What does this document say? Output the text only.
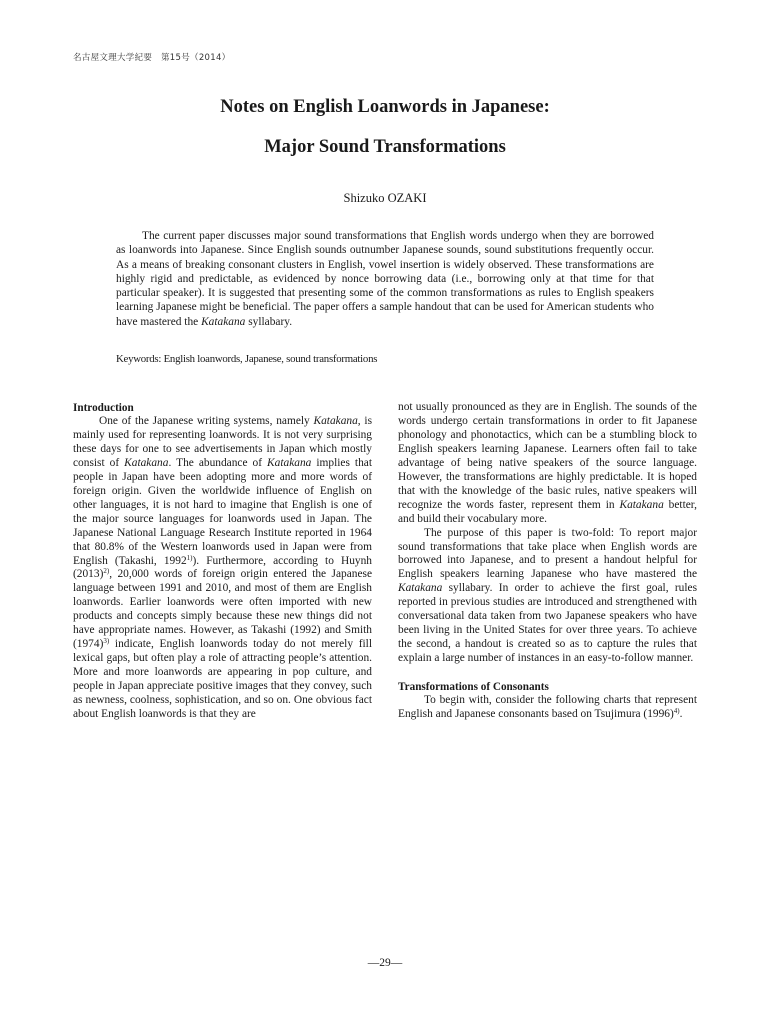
名古屋文理大学紀要　第15号（2014）
Notes on English Loanwords in Japanese:
Major Sound Transformations
Shizuko OZAKI
The current paper discusses major sound transformations that English words undergo when they are borrowed as loanwords into Japanese. Since English sounds outnumber Japanese sounds, sound substitutions frequently occur. As a means of breaking consonant clusters in English, vowel insertion is widely observed. These transformations are highly rigid and predictable, as evidenced by nonce borrowing data (i.e., borrowing only at that time for that particular speaker). It is suggested that presenting some of the common transformations as rules to English speakers learning Japanese might be beneficial. The paper offers a sample handout that can be used for American students who have mastered the Katakana syllabary.
Keywords: English loanwords, Japanese, sound transformations

Introduction

One of the Japanese writing systems, namely Katakana, is mainly used for representing loanwords. It is not very surprising these days for one to see advertisements in Japan which mostly consist of Katakana. The abundance of Katakana implies that people in Japan have been adopting more and more words of foreign origin. Given the worldwide influence of English on other languages, it is not hard to imagine that English is one of the major source languages for loanwords used in Japan. The Japanese National Language Research Institute reported in 1964 that 80.8% of the Western loanwords used in Japan were from English (Takashi, 1992$^{1)}$). Furthermore, according to Huynh $(2013)^{2)}$, 20,000 words of foreign origin entered the Japanese language between 1991 and 2010, and most of them are English loanwords. Earlier loanwords were often imported with new products and concepts simply because these new things did not have appropriate names. However, as Takashi (1992) and Smith $(1974)^{3)}$ indicate, English loanwords today do not merely fill lexical gaps, but often play a role of attracting people’s attention. More and more loanwords are appearing in pop culture, and people in Japan appreciate positive images that they convey, such as newness, coolness, sophistication, and so on. One obvious fact about English loanwords is that they are

not usually pronounced as they are in English. The sounds of the words undergo certain transformations in order to fit Japanese phonology and phonotactics, which can be a stumbling block to English speakers learning Japanese. Learners often fail to take advantage of being native speakers of the source language. However, the transformations are highly predictable. It is hoped that with the knowledge of the basic rules, native speakers will recognize the words faster, represent them in Katakana better, and build their vocabulary more.

The purpose of this paper is two-fold: To report major sound transformations that take place when English words are borrowed into Japanese, and to present a handout helpful for English speakers learning Japanese who have mastered the Katakana syllabary. In order to achieve the first goal, rules reported in previous studies are introduced and strengthened with conversational data taken from two Japanese speakers who have been living in the United States for over three years. To achieve the second, a handout is created so as to capture the rules that explain a large number of instances in an easy-to-follow manner.

Transformations of Consonants

To begin with, consider the following charts that represent English and Japanese consonants based on Tsujimura $(1996)^{4)}$.

—29—
